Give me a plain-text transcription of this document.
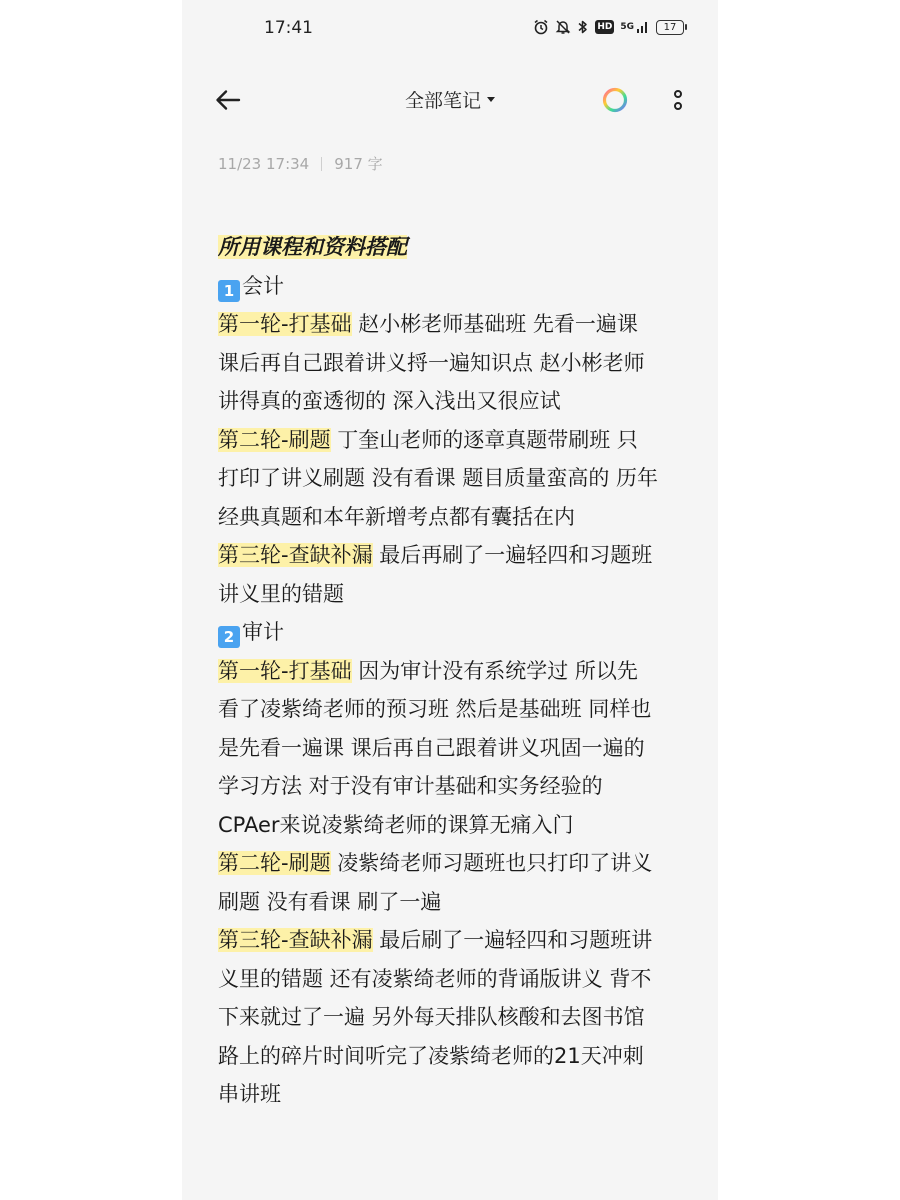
17:41	HD 5G	17
全部笔记
11/23 17:34 917 字
所用课程和资料搭配
1 会计
第一轮-打基础 赵小彬老师基础班 先看一遍课
课后再自己跟着讲义捋一遍知识点 赵小彬老师
讲得真的蛮透彻的 深入浅出又很应试
第二轮-刷题 丁奎山老师的逐章真题带刷班 只
打印了讲义刷题 没有看课 题目质量蛮高的 历年
经典真题和本年新增考点都有囊括在内
第三轮-查缺补漏 最后再刷了一遍轻四和习题班
讲义里的错题
2 审计
第一轮-打基础 因为审计没有系统学过 所以先
看了凌紫绮老师的预习班 然后是基础班 同样也
是先看一遍课 课后再自己跟着讲义巩固一遍的
学习方法 对于没有审计基础和实务经验的
CPAer来说凌紫绮老师的课算无痛入门
第二轮-刷题 凌紫绮老师习题班也只打印了讲义
刷题 没有看课 刷了一遍
第三轮-查缺补漏 最后刷了一遍轻四和习题班讲
义里的错题 还有凌紫绮老师的背诵版讲义 背不
下来就过了一遍 另外每天排队核酸和去图书馆
路上的碎片时间听完了凌紫绮老师的21天冲刺
串讲班
